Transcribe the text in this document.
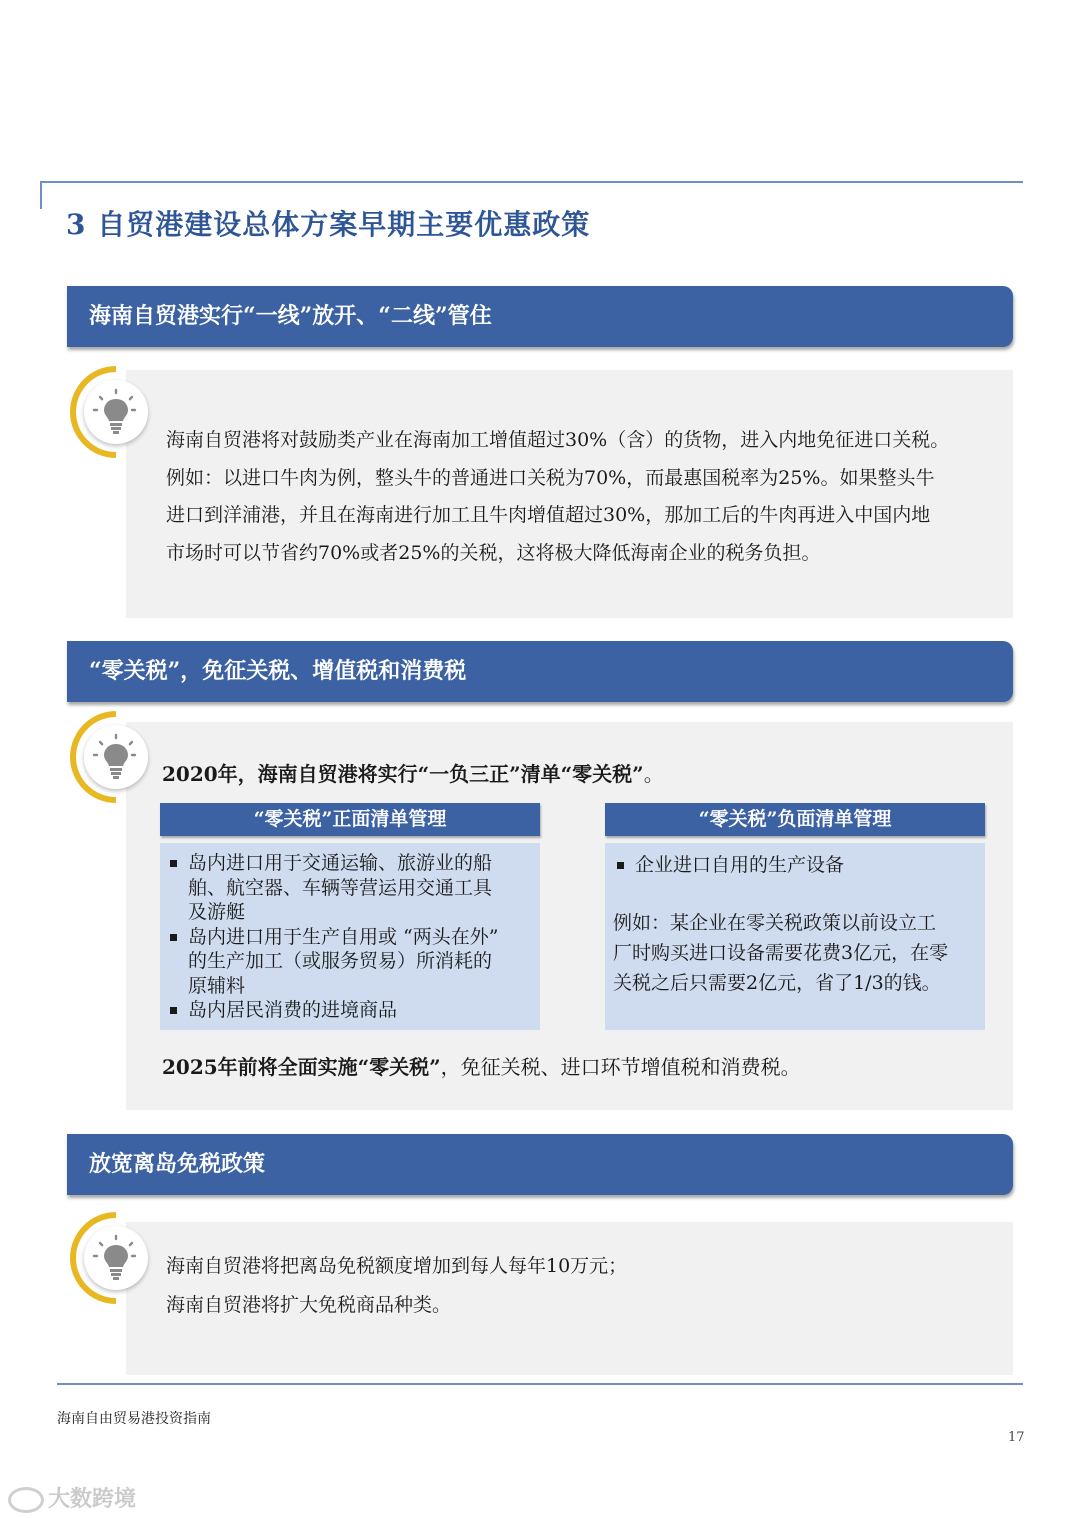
3 自贸港建设总体方案早期主要优惠政策
海南自贸港实行“一线”放开、“二线”管住
海南自贸港将对鼓励类产业在海南加工增值超过30%（含）的货物，进入内地免征进口关税。
例如：以进口牛肉为例，整头牛的普通进口关税为70%，而最惠国税率为25%。如果整头牛
进口到洋浦港，并且在海南进行加工且牛肉增值超过30%，那加工后的牛肉再进入中国内地
市场时可以节省约70%或者25%的关税，这将极大降低海南企业的税务负担。
“零关税”，免征关税、增值税和消费税
2020年，海南自贸港将实行“一负三正”清单“零关税”。
“零关税”正面清单管理
岛内进口用于交通运输、旅游业的船
舶、航空器、车辆等营运用交通工具
及游艇
岛内进口用于生产自用或 “两头在外”
的生产加工（或服务贸易）所消耗的
原辅料
岛内居民消费的进境商品
“零关税”负面清单管理
企业进口自用的生产设备
例如：某企业在零关税政策以前设立工
厂时购买进口设备需要花费3亿元，在零
关税之后只需要2亿元，省了1/3的钱。
2025年前将全面实施“零关税”，免征关税、进口环节增值税和消费税。
放宽离岛免税政策
海南自贸港将把离岛免税额度增加到每人每年10万元；
海南自贸港将扩大免税商品种类。
海南自由贸易港投资指南
17
大数跨境
